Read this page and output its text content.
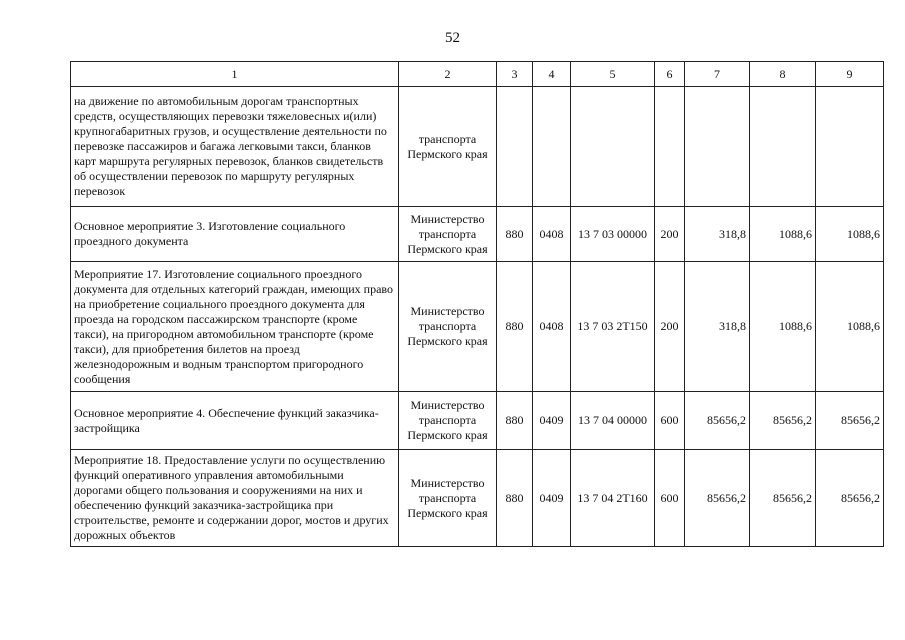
52
1	2	3	4	5	6	7	8	9
на движение по автомобильным дорогам транспортных средств, осуществляющих перевозки тяжеловесных и(или) крупногабаритных грузов, и осуществление деятельности по перевозке пассажиров и багажа легковыми такси, бланков карт маршрута регулярных перевозок, бланков свидетельств об осуществлении перевозок по маршруту регулярных перевозок	транспорта Пермского края							
Основное мероприятие 3. Изготовление социального проездного документа	Министерство транспорта Пермского края	880	0408	13 7 03 00000	200	318,8	1088,6	1088,6
Мероприятие 17. Изготовление социального проездного документа для отдельных категорий граждан, имеющих право на приобретение социального проездного документа для проезда на городском пассажирском транспорте (кроме такси), на пригородном автомобильном транспорте (кроме такси), для приобретения билетов на проезд железнодорожным и водным транспортом пригородного сообщения	Министерство транспорта Пермского края	880	0408	13 7 03 2Т150	200	318,8	1088,6	1088,6
Основное мероприятие 4. Обеспечение функций заказчика-застройщика	Министерство транспорта Пермского края	880	0409	13 7 04 00000	600	85656,2	85656,2	85656,2
Мероприятие 18. Предоставление услуги по осуществлению функций оперативного управления автомобильными дорогами общего пользования и сооружениями на них и обеспечению функций заказчика-застройщика при строительстве, ремонте и содержании дорог, мостов и других дорожных объектов	Министерство транспорта Пермского края	880	0409	13 7 04 2Т160	600	85656,2	85656,2	85656,2
